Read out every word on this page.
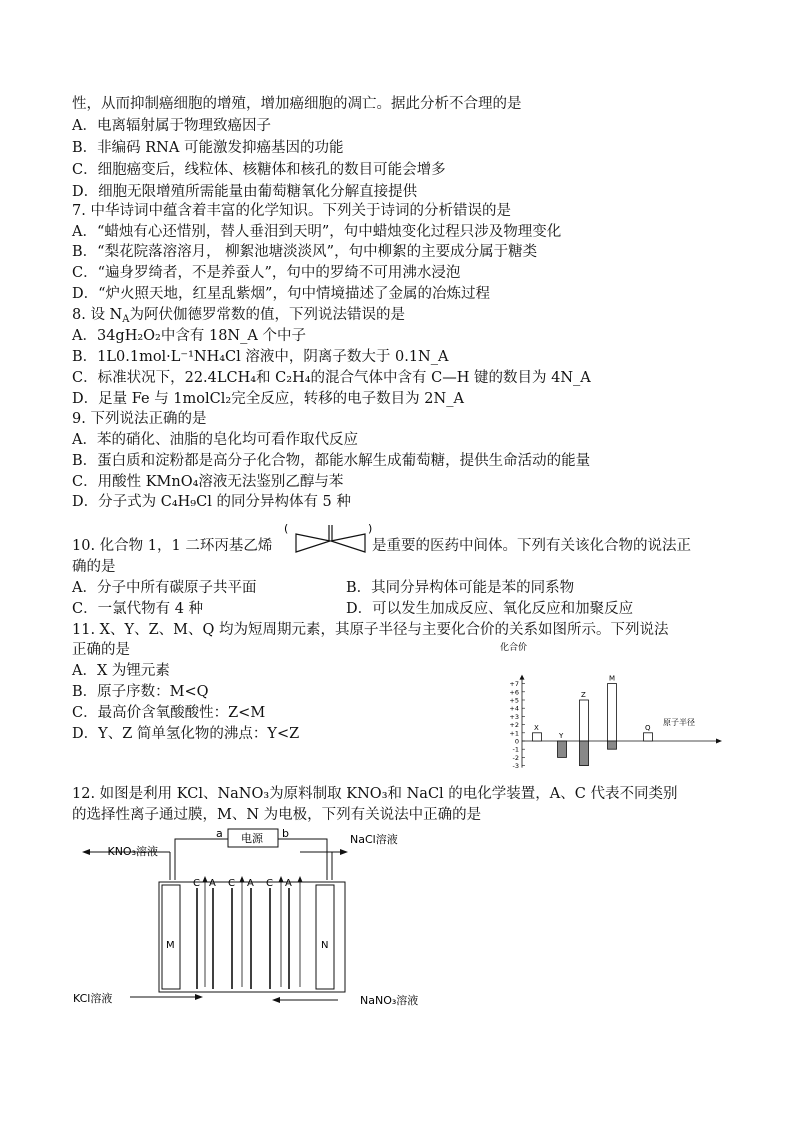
性，从而抑制癌细胞的增殖，增加癌细胞的凋亡。据此分析不合理的是
A．电离辐射属于物理致癌因子
B．非编码 RNA 可能激发抑癌基因的功能
C．细胞癌变后，线粒体、核糖体和核孔的数目可能会增多
D．细胞无限增殖所需能量由葡萄糖氧化分解直接提供
7. 中华诗词中蕴含着丰富的化学知识。下列关于诗词的分析错误的是
A．“蜡烛有心还惜别，替人垂泪到天明”，句中蜡烛变化过程只涉及物理变化
B．“梨花院落溶溶月， 柳絮池塘淡淡风”，句中柳絮的主要成分属于糖类
C．“遍身罗绮者，不是养蚕人”，句中的罗绮不可用沸水浸泡
D．“炉火照天地，红星乱紫烟”，句中情境描述了金属的冶炼过程
8. 设 $N_A$为阿伏伽德罗常数的值，下列说法错误的是
A．34gH₂O₂中含有 18N_A 个中子
B．1L0.1mol·L⁻¹NH₄Cl 溶液中，阴离子数大于 0.1N_A
C．标准状况下，22.4LCH₄和 C₂H₄的混合气体中含有 C—H 键的数目为 4N_A
D．足量 Fe 与 1molCl₂完全反应，转移的电子数目为 2N_A
9. 下列说法正确的是
A．苯的硝化、油脂的皂化均可看作取代反应
B．蛋白质和淀粉都是高分子化合物，都能水解生成葡萄糖，提供生命活动的能量
C．用酸性 KMnO₄溶液无法鉴别乙醇与苯
D．分子式为 C₄H₉Cl 的同分异构体有 5 种
10. 化合物 1，1 二环丙基乙烯
(	)
是重要的医药中间体。下列有关该化合物的说法正
确的是
A．分子中所有碳原子共平面	B．其同分异构体可能是苯的同系物
C．一氯代物有 4 种	D．可以发生加成反应、氧化反应和加聚反应
11. X、Y、Z、M、Q 均为短周期元素，其原子半径与主要化合价的关系如图所示。下列说法
正确的是
A．X 为锂元素
B．原子序数：M<Q
C．最高价含氧酸酸性：Z<M
D．Y、Z 简单氢化物的沸点：Y<Z
化合价
+7
+6
+5
+4
+3
+2
+1
0
-1
-2
-3
X
Y
Z
M
Q
原子半径
12. 如图是利用 KCl、NaNO₃为原料制取 KNO₃和 NaCl 的电化学装置，A、C 代表不同类别
的选择性离子通过膜，M、N 为电极，下列有关说法中正确的是
电源
a	b
KNO₃溶液
NaCl溶液
M	N
C A C A C A
KCl溶液	NaNO₃溶液
